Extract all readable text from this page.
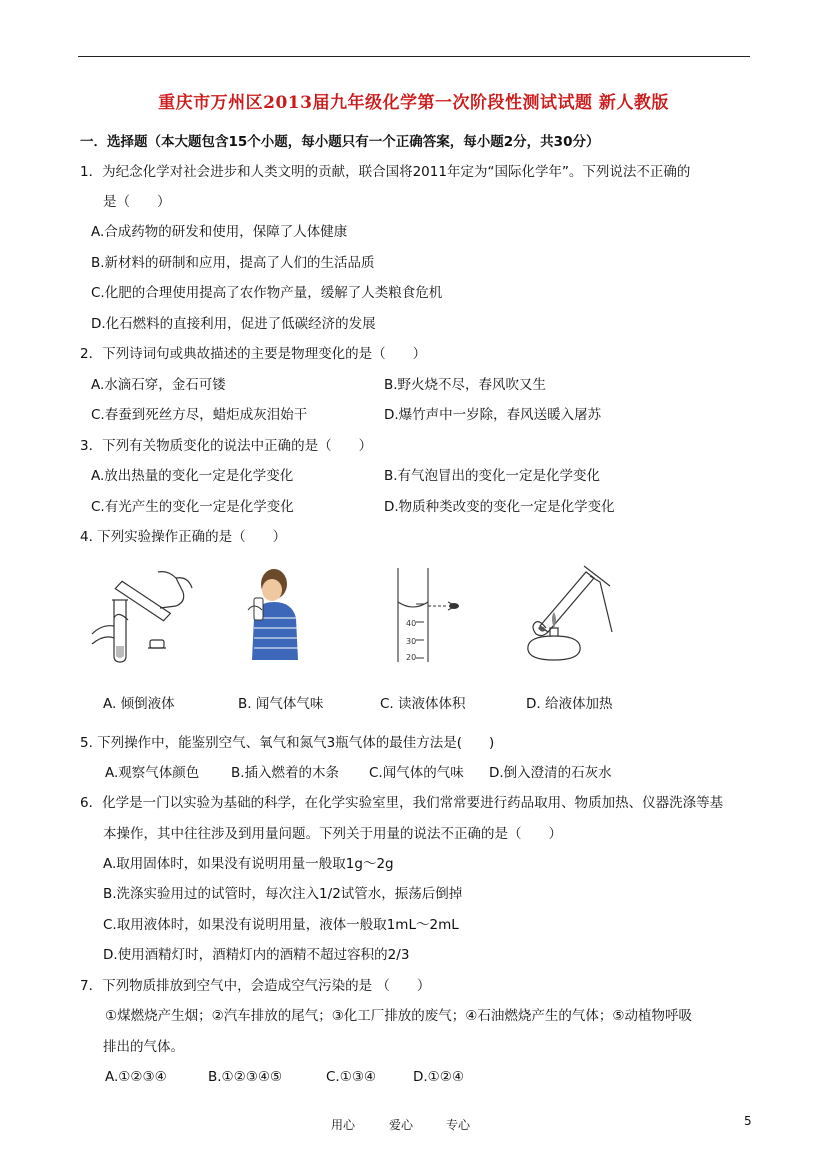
重庆市万州区2013届九年级化学第一次阶段性测试试题 新人教版
一．选择题（本大题包含15个小题，每小题只有一个正确答案，每小题2分，共30分）
1．为纪念化学对社会进步和人类文明的贡献，联合国将2011年定为“国际化学年”。下列说法不正确的
是（　　）
A.合成药物的研发和使用，保障了人体健康
B.新材料的研制和应用，提高了人们的生活品质
C.化肥的合理使用提高了农作物产量，缓解了人类粮食危机
D.化石燃料的直接利用，促进了低碳经济的发展
2．下列诗词句或典故描述的主要是物理变化的是（　　）
A.水滴石穿，金石可镂	B.野火烧不尽，春风吹又生
C.春蚕到死丝方尽，蜡炬成灰泪始干	D.爆竹声中一岁除，春风送暖入屠苏
3．下列有关物质变化的说法中正确的是（　　）
A.放出热量的变化一定是化学变化	B.有气泡冒出的变化一定是化学变化
C.有光产生的变化一定是化学变化	D.物质种类改变的变化一定是化学变化
4. 下列实验操作正确的是（　　）
40
30
20
A. 倾倒液体	B. 闻气体气味	C. 读液体体积	D. 给液体加热
5. 下列操作中，能鉴别空气、氧气和氮气3瓶气体的最佳方法是(　　)
A.观察气体颜色 B.插入燃着的木条 C.闻气体的气味 D.倒入澄清的石灰水
6．化学是一门以实验为基础的科学，在化学实验室里，我们常常要进行药品取用、物质加热、仪器洗涤等基
本操作，其中往往涉及到用量问题。下列关于用量的说法不正确的是（　　）
A.取用固体时，如果没有说明用量一般取1g～2g
B.洗涤实验用过的试管时，每次注入1/2试管水，振荡后倒掉
C.取用液体时，如果没有说明用量，液体一般取1mL～2mL
D.使用酒精灯时，酒精灯内的酒精不超过容积的2/3
7．下列物质排放到空气中，会造成空气污染的是 （　　）
①煤燃烧产生烟；②汽车排放的尾气；③化工厂排放的废气；④石油燃烧产生的气体；⑤动植物呼吸
排出的气体。
A.①②③④	B.①②③④⑤	C.①③④	D.①②④
用心	爱心	专心	5
